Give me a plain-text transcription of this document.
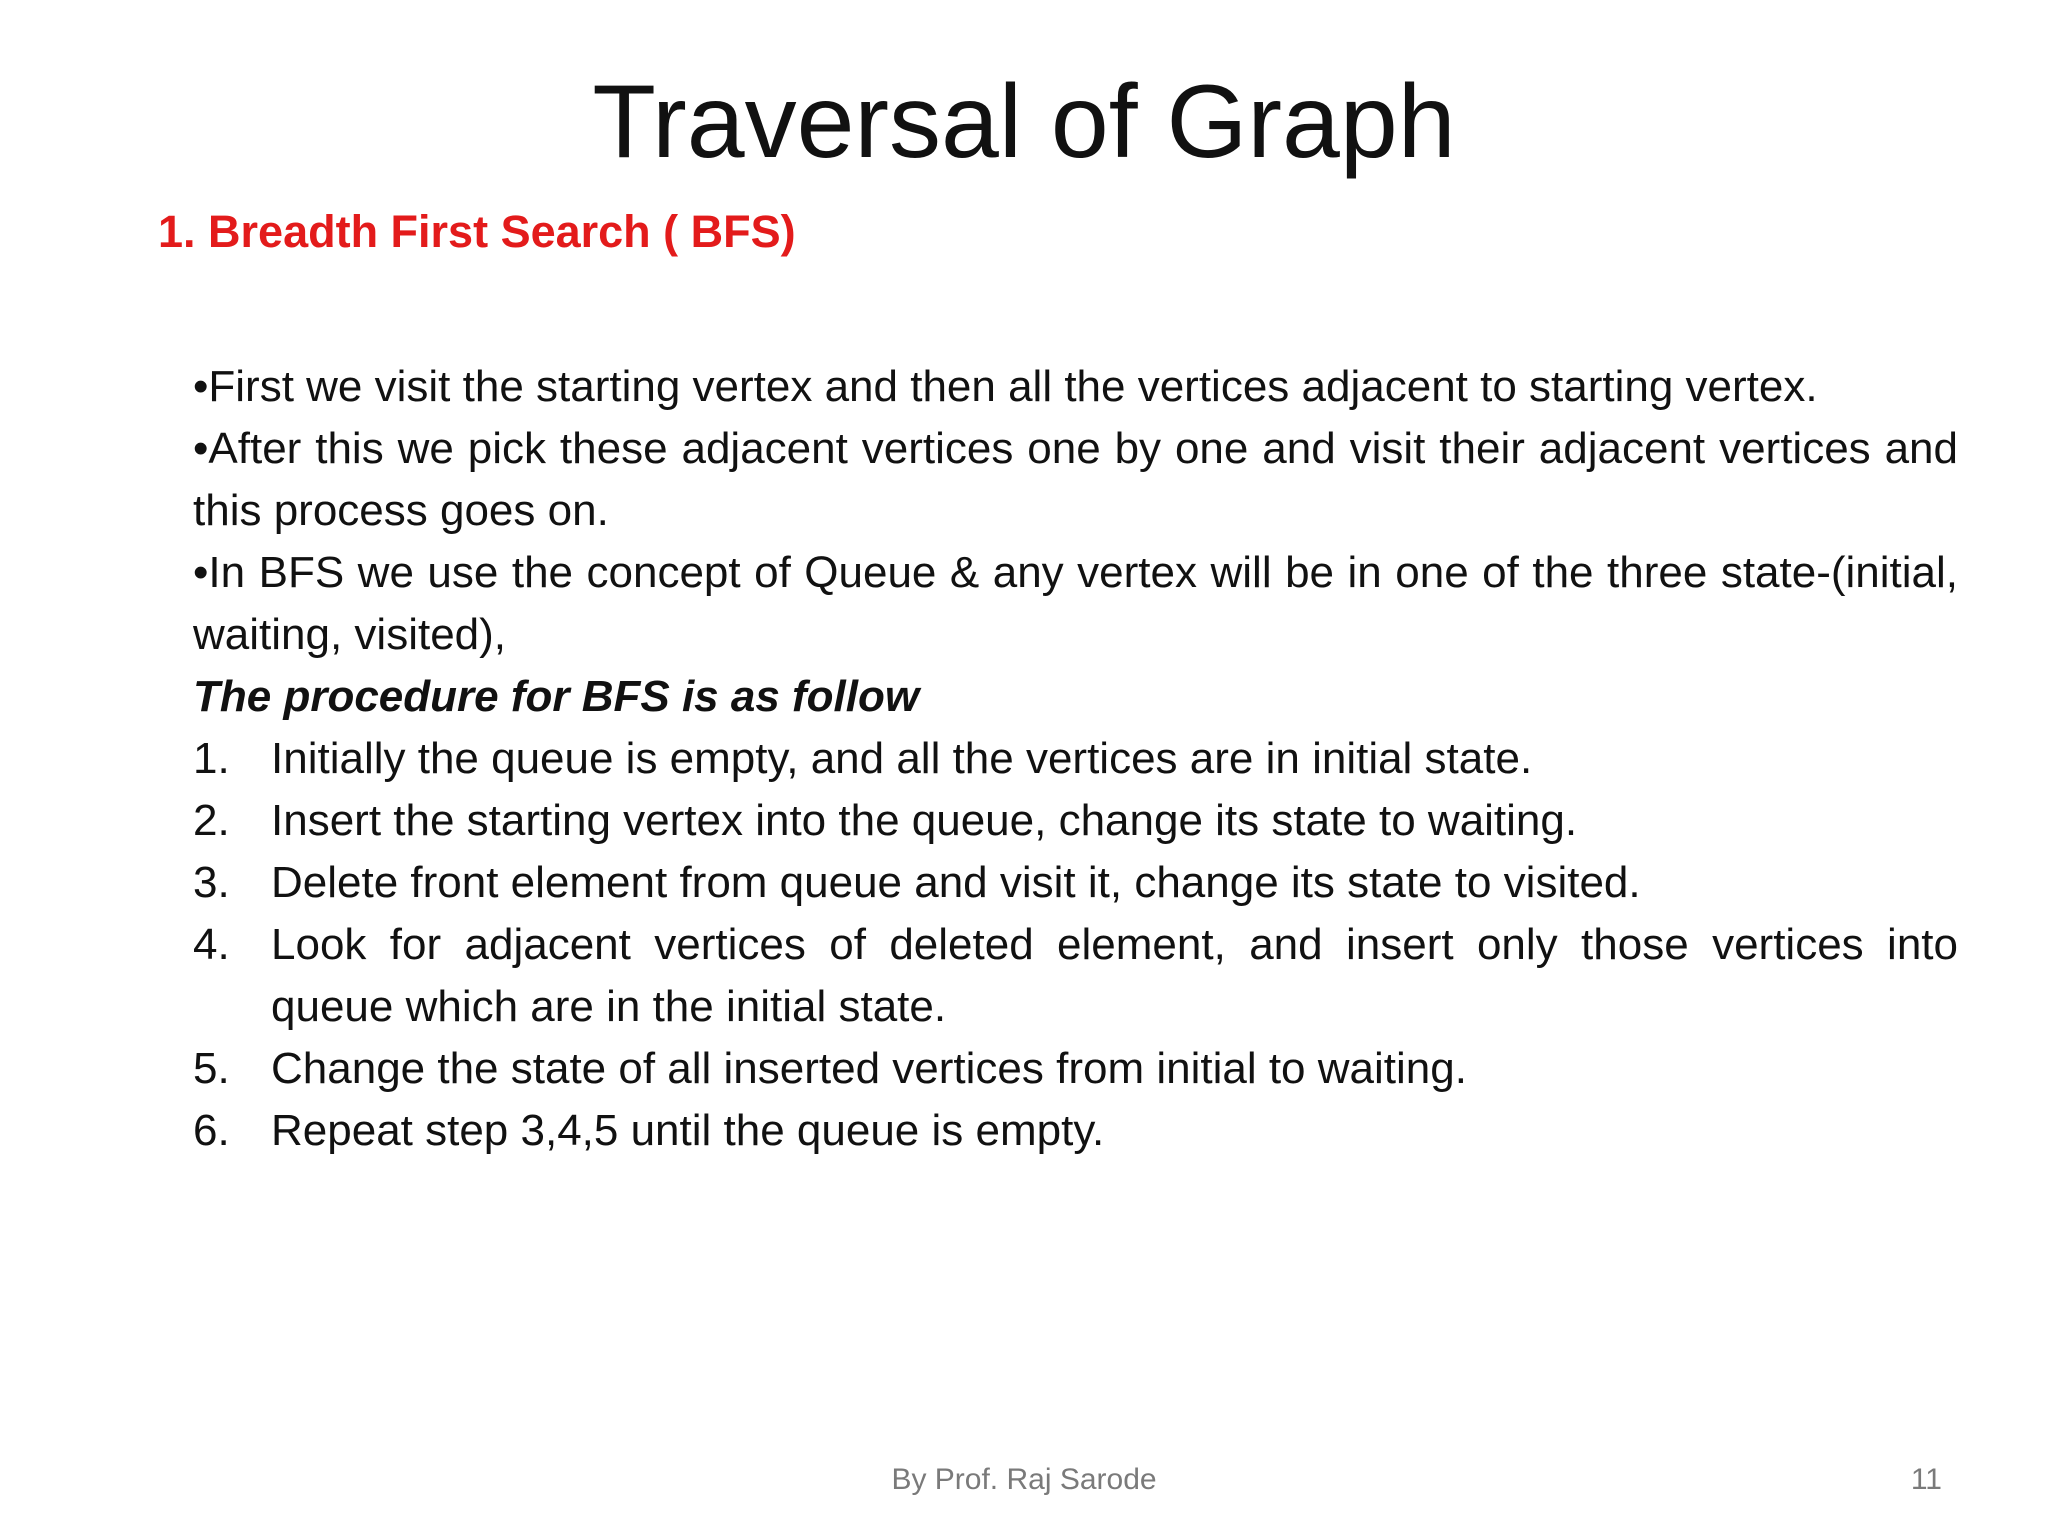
Traversal of Graph
1. Breadth First Search ( BFS)

•First we visit the starting vertex and then all the vertices adjacent to starting vertex.

•After this we pick these adjacent vertices one by one and visit their adjacent vertices and this process goes on.

•In BFS we use the concept of Queue & any vertex will be in one of the three state-(initial, waiting, visited),

The procedure for BFS is as follow

1. Initially the queue is empty, and all the vertices are in initial state.
2. Insert the starting vertex into the queue, change its state to waiting.
3. Delete front element from queue and visit it, change its state to visited.
4. Look for adjacent vertices of deleted element, and insert only those vertices into queue which are in the initial state.
5. Change the state of all inserted vertices from initial to waiting.
6. Repeat step 3,4,5 until the queue is empty.
By Prof. Raj Sarode	11
